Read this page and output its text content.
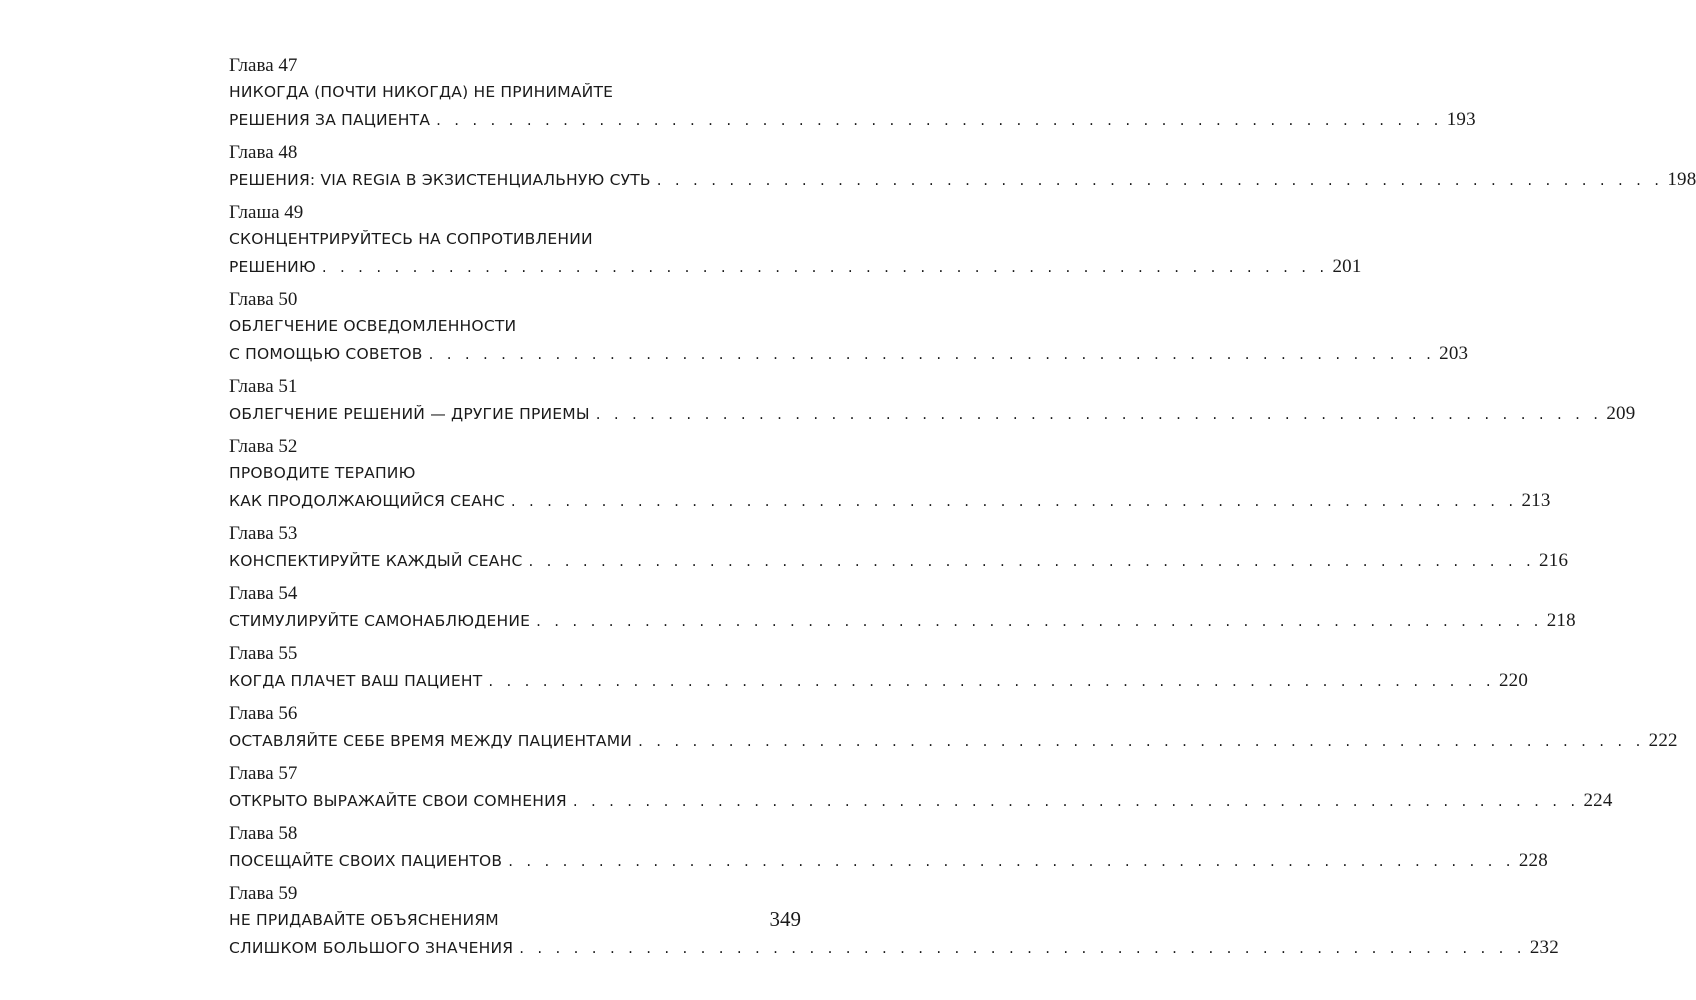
Глава 47
НИКОГДА (ПОЧТИ НИКОГДА) НЕ ПРИНИМАЙТЕ
РЕШЕНИЯ ЗА ПАЦИЕНТА . . . . . . . . . . . . . . . . . . . . . . . . . . . . . . . . . . . . . . . . . . . . . . . . . . . . . . . . 193
Глава 48
РЕШЕНИЯ: VIA REGIA В ЭКЗИСТЕНЦИАЛЬНУЮ СУТЬ . . . . . . . . . . . . . . . . . . . . . . . . . . . . . . . . . . . . . . . . . . . . . . . . . . . . . . . . 198
Глаша 49
СКОНЦЕНТРИРУЙТЕСЬ НА СОПРОТИВЛЕНИИ
РЕШЕНИЮ . . . . . . . . . . . . . . . . . . . . . . . . . . . . . . . . . . . . . . . . . . . . . . . . . . . . . . . . 201
Глава 50
ОБЛЕГЧЕНИЕ ОСВЕДОМЛЕННОСТИ
С ПОМОЩЬЮ СОВЕТОВ . . . . . . . . . . . . . . . . . . . . . . . . . . . . . . . . . . . . . . . . . . . . . . . . . . . . . . . . 203
Глава 51
ОБЛЕГЧЕНИЕ РЕШЕНИЙ — ДРУГИЕ ПРИЕМЫ . . . . . . . . . . . . . . . . . . . . . . . . . . . . . . . . . . . . . . . . . . . . . . . . . . . . . . . . 209
Глава 52
ПРОВОДИТЕ ТЕРАПИЮ
КАК ПРОДОЛЖАЮЩИЙСЯ СЕАНС . . . . . . . . . . . . . . . . . . . . . . . . . . . . . . . . . . . . . . . . . . . . . . . . . . . . . . . . 213
Глава 53
КОНСПЕКТИРУЙТЕ КАЖДЫЙ СЕАНС . . . . . . . . . . . . . . . . . . . . . . . . . . . . . . . . . . . . . . . . . . . . . . . . . . . . . . . . 216
Глава 54
СТИМУЛИРУЙТЕ САМОНАБЛЮДЕНИЕ . . . . . . . . . . . . . . . . . . . . . . . . . . . . . . . . . . . . . . . . . . . . . . . . . . . . . . . . 218
Глава 55
КОГДА ПЛАЧЕТ ВАШ ПАЦИЕНТ . . . . . . . . . . . . . . . . . . . . . . . . . . . . . . . . . . . . . . . . . . . . . . . . . . . . . . . . 220
Глава 56
ОСТАВЛЯЙТЕ СЕБЕ ВРЕМЯ МЕЖДУ ПАЦИЕНТАМИ . . . . . . . . . . . . . . . . . . . . . . . . . . . . . . . . . . . . . . . . . . . . . . . . . . . . . . . . 222
Глава 57
ОТКРЫТО ВЫРАЖАЙТЕ СВОИ СОМНЕНИЯ . . . . . . . . . . . . . . . . . . . . . . . . . . . . . . . . . . . . . . . . . . . . . . . . . . . . . . . . 224
Глава 58
ПОСЕЩАЙТЕ СВОИХ ПАЦИЕНТОВ . . . . . . . . . . . . . . . . . . . . . . . . . . . . . . . . . . . . . . . . . . . . . . . . . . . . . . . . 228
Глава 59
НЕ ПРИДАВАЙТЕ ОБЪЯСНЕНИЯМ
СЛИШКОМ БОЛЬШОГО ЗНАЧЕНИЯ . . . . . . . . . . . . . . . . . . . . . . . . . . . . . . . . . . . . . . . . . . . . . . . . . . . . . . . . 232
349
